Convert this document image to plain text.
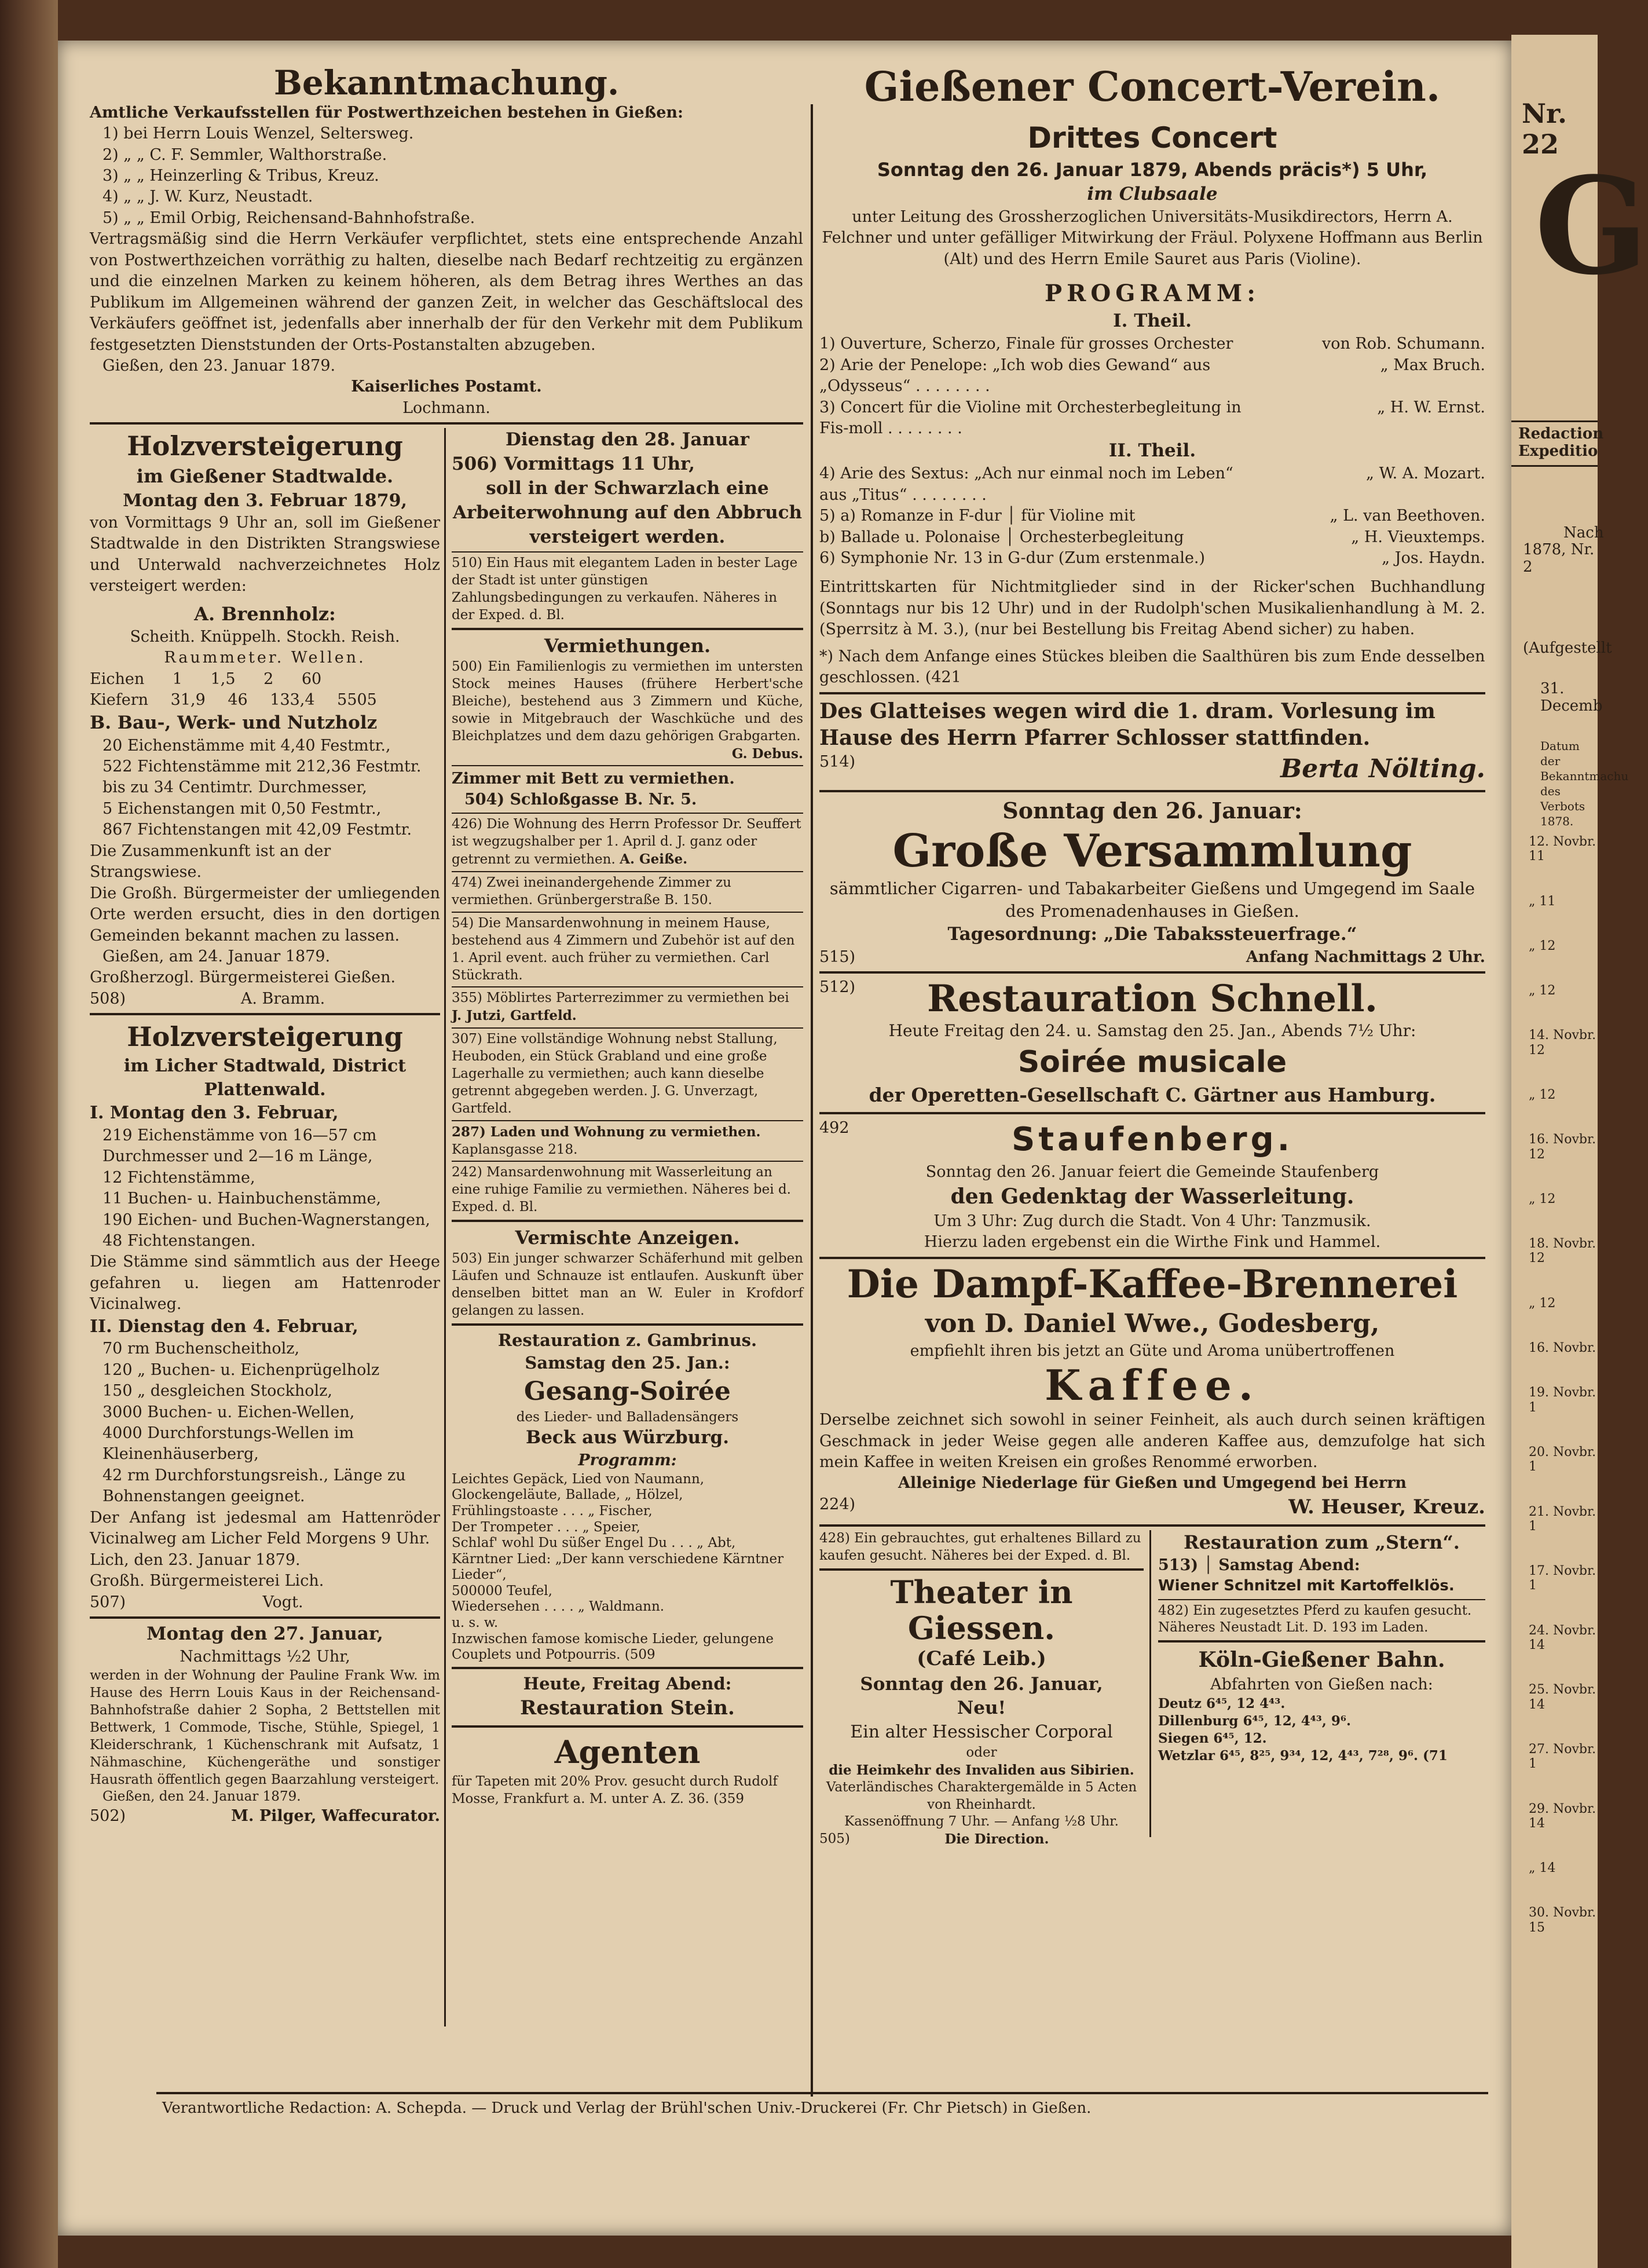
Bekanntmachung.
Amtliche Verkaufsstellen für Postwerthzeichen bestehen in Gießen:
1) bei Herrn Louis Wenzel, Seltersweg.
2) „ „ C. F. Semmler, Walthorstraße.
3) „ „ Heinzerling & Tribus, Kreuz.
4) „ „ J. W. Kurz, Neustadt.
5) „ „ Emil Orbig, Reichensand-Bahnhofstraße.
Vertragsmäßig sind die Herrn Verkäufer verpflichtet, stets eine entsprechende Anzahl von Postwerthzeichen vorräthig zu halten, dieselbe nach Bedarf rechtzeitig zu ergänzen und die einzelnen Marken zu keinem höheren, als dem Betrag ihres Werthes an das Publikum im Allgemeinen während der ganzen Zeit, in welcher das Geschäftslocal des Verkäufers geöffnet ist, jedenfalls aber innerhalb der für den Verkehr mit dem Publikum festgesetzten Dienststunden der Orts-Postanstalten abzugeben.
Gießen, den 23. Januar 1879.
Kaiserliches Postamt.
Lochmann.
Holzversteigerung
im Gießener Stadtwalde.
Montag den 3. Februar 1879,
von Vormittags 9 Uhr an, soll im Gießener Stadtwalde in den Distrikten Strangswiese und Unterwald nachverzeichnetes Holz versteigert werden:
A. Brennholz:
Scheith. Knüppelh. Stockh. Reish.
Raummeter. Wellen.
Eichen 1 1,5 2 60
Kiefern 31,9 46 133,4 5505
B. Bau-, Werk- und Nutzholz
20 Eichenstämme mit 4,40 Festmtr.,
522 Fichtenstämme mit 212,36 Festmtr. bis zu 34 Centimtr. Durchmesser,
5 Eichenstangen mit 0,50 Festmtr.,
867 Fichtenstangen mit 42,09 Festmtr.
Die Zusammenkunft ist an der Strangswiese.
Die Großh. Bürgermeister der umliegenden Orte werden ersucht, dies in den dortigen Gemeinden bekannt machen zu lassen.
Gießen, am 24. Januar 1879.
Großherzogl. Bürgermeisterei Gießen.
508)	A. Bramm.
Holzversteigerung
im Licher Stadtwald, District Plattenwald.
I. Montag den 3. Februar,
219 Eichenstämme von 16—57 cm Durchmesser und 2—16 m Länge,
12 Fichtenstämme,
11 Buchen- u. Hainbuchenstämme,
190 Eichen- und Buchen-Wagnerstangen,
48 Fichtenstangen.
Die Stämme sind sämmtlich aus der Heege gefahren u. liegen am Hattenroder Vicinalweg.
II. Dienstag den 4. Februar,
70 rm Buchenscheitholz,
120 „ Buchen- u. Eichenprügelholz
150 „ desgleichen Stockholz,
3000 Buchen- u. Eichen-Wellen,
4000 Durchforstungs-Wellen im Kleinenhäuserberg,
42 rm Durchforstungsreish., Länge zu Bohnenstangen geeignet.
Der Anfang ist jedesmal am Hattenröder Vicinalweg am Licher Feld Morgens 9 Uhr.
Lich, den 23. Januar 1879.
Großh. Bürgermeisterei Lich.
507)	Vogt.
Montag den 27. Januar,
Nachmittags ½2 Uhr,
werden in der Wohnung der Pauline Frank Ww. im Hause des Herrn Louis Kaus in der Reichensand-Bahnhofstraße dahier 2 Sopha, 2 Bettstellen mit Bettwerk, 1 Commode, Tische, Stühle, Spiegel, 1 Kleiderschrank, 1 Küchenschrank mit Aufsatz, 1 Nähmaschine, Küchengeräthe und sonstiger Hausrath öffentlich gegen Baarzahlung versteigert.
Gießen, den 24. Januar 1879.
502)	M. Pilger, Waffecurator.
Dienstag den 28. Januar
506) Vormittags 11 Uhr,
soll in der Schwarzlach eine Arbeiterwohnung auf den Abbruch versteigert werden.
510) Ein Haus mit elegantem Laden in bester Lage der Stadt ist unter günstigen Zahlungsbedingungen zu verkaufen. Näheres in der Exped. d. Bl.
Vermiethungen.
500) Ein Familienlogis zu vermiethen im untersten Stock meines Hauses (frühere Herbert'sche Bleiche), bestehend aus 3 Zimmern und Küche, sowie in Mitgebrauch der Waschküche und des Bleichplatzes und dem dazu gehörigen Grabgarten.
G. Debus.
Zimmer mit Bett zu vermiethen.
504) Schloßgasse B. Nr. 5.
426) Die Wohnung des Herrn Professor Dr. Seuffert ist wegzugshalber per 1. April d. J. ganz oder getrennt zu vermiethen. A. Geiße.
474) Zwei ineinandergehende Zimmer zu vermiethen. Grünbergerstraße B. 150.
54) Die Mansardenwohnung in meinem Hause, bestehend aus 4 Zimmern und Zubehör ist auf den 1. April event. auch früher zu vermiethen. Carl Stückrath.
355) Möblirtes Parterrezimmer zu vermiethen bei J. Jutzi, Gartfeld.
307) Eine vollständige Wohnung nebst Stallung, Heuboden, ein Stück Grabland und eine große Lagerhalle zu vermiethen; auch kann dieselbe getrennt abgegeben werden. J. G. Unverzagt, Gartfeld.
287) Laden und Wohnung zu vermiethen. Kaplansgasse 218.
242) Mansardenwohnung mit Wasserleitung an eine ruhige Familie zu vermiethen. Näheres bei d. Exped. d. Bl.
Vermischte Anzeigen.
503) Ein junger schwarzer Schäferhund mit gelben Läufen und Schnauze ist entlaufen. Auskunft über denselben bittet man an W. Euler in Krofdorf gelangen zu lassen.
Restauration z. Gambrinus.
Samstag den 25. Jan.:
Gesang-Soirée
des Lieder- und Balladensängers
Beck aus Würzburg.
Programm:
Leichtes Gepäck, Lied von Naumann,
Glockengeläute, Ballade, „ Hölzel,
Frühlingstoaste . . . „ Fischer,
Der Trompeter . . . „ Speier,
Schlaf' wohl Du süßer Engel Du . . . „ Abt,
Kärntner Lied: „Der kann verschiedene Kärntner Lieder“,
500000 Teufel,
Wiedersehen . . . . „ Waldmann.
u. s. w.
Inzwischen famose komische Lieder, gelungene Couplets und Potpourris. (509
Heute, Freitag Abend:
Restauration Stein.
Agenten
für Tapeten mit 20% Prov. gesucht durch Rudolf Mosse, Frankfurt a. M. unter A. Z. 36. (359
Gießener Concert-Verein.
Drittes Concert
Sonntag den 26. Januar 1879, Abends präcis*) 5 Uhr,
im Clubsaale
unter Leitung des Grossherzoglichen Universitäts-Musikdirectors, Herrn A. Felchner und unter gefälliger Mitwirkung der Fräul. Polyxene Hoffmann aus Berlin (Alt) und des Herrn Emile Sauret aus Paris (Violine).
PROGRAMM:
I. Theil.
1) Ouverture, Scherzo, Finale für grosses Orchester	von Rob. Schumann.
2) Arie der Penelope: „Ich wob dies Gewand“ aus „Odysseus“ . . . . . . . .
„ Max Bruch.
3) Concert für die Violine mit Orchesterbegleitung in Fis-moll . . . . . . . .
„ H. W. Ernst.
II. Theil.
4) Arie des Sextus: „Ach nur einmal noch im Leben“ aus „Titus“ . . . . . . . .
„ W. A. Mozart.
5) a) Romanze in F-dur │ für Violine mit	„ L. van Beethoven.
b) Ballade u. Polonaise │ Orchesterbegleitung	„ H. Vieuxtemps.
6) Symphonie Nr. 13 in G-dur (Zum erstenmale.)	„ Jos. Haydn.
Eintrittskarten für Nichtmitglieder sind in der Ricker'schen Buchhandlung (Sonntags nur bis 12 Uhr) und in der Rudolph'schen Musikalienhandlung à M. 2. (Sperrsitz à M. 3.), (nur bei Bestellung bis Freitag Abend sicher) zu haben.
*) Nach dem Anfange eines Stückes bleiben die Saalthüren bis zum Ende desselben geschlossen. (421
Des Glatteises wegen wird die 1. dram. Vorlesung im Hause des Herrn Pfarrer Schlosser stattfinden.
514)	Berta Nölting.
Sonntag den 26. Januar:
Große Versammlung
sämmtlicher Cigarren- und Tabakarbeiter Gießens und Umgegend im Saale des Promenadenhauses in Gießen.
Tagesordnung: „Die Tabakssteuerfrage.“
515)	Anfang Nachmittags 2 Uhr.
512)	Restauration Schnell.
Heute Freitag den 24. u. Samstag den 25. Jan., Abends 7½ Uhr:
Soirée musicale
der Operetten-Gesellschaft C. Gärtner aus Hamburg.
492	Staufenberg.
Sonntag den 26. Januar feiert die Gemeinde Staufenberg
den Gedenktag der Wasserleitung.
Um 3 Uhr: Zug durch die Stadt. Von 4 Uhr: Tanzmusik.
Hierzu laden ergebenst ein die Wirthe Fink und Hammel.
Die Dampf-Kaffee-Brennerei
von D. Daniel Wwe., Godesberg,
empfiehlt ihren bis jetzt an Güte und Aroma unübertroffenen
Kaffee.
Derselbe zeichnet sich sowohl in seiner Feinheit, als auch durch seinen kräftigen Geschmack in jeder Weise gegen alle anderen Kaffee aus, demzufolge hat sich mein Kaffee in weiten Kreisen ein großes Renommé erworben.
Alleinige Niederlage für Gießen und Umgegend bei Herrn
224)	W. Heuser, Kreuz.
428) Ein gebrauchtes, gut erhaltenes Billard zu kaufen gesucht. Näheres bei der Exped. d. Bl.
Theater in Giessen.
(Café Leib.)
Sonntag den 26. Januar,
Neu!
Ein alter Hessischer Corporal
oder
die Heimkehr des Invaliden aus Sibirien.
Vaterländisches Charaktergemälde in 5 Acten von Rheinhardt.
Kassenöffnung 7 Uhr. — Anfang ½8 Uhr.
505)	Die Direction.
Restauration zum „Stern“.
513) │ Samstag Abend:
Wiener Schnitzel mit Kartoffelklös.
482) Ein zugesetztes Pferd zu kaufen gesucht. Näheres Neustadt Lit. D. 193 im Laden.
Köln-Gießener Bahn.
Abfahrten von Gießen nach:
Deutz 6⁴⁵, 12 4⁴³.
Dillenburg 6⁴⁵, 12, 4⁴³, 9⁶.
Siegen 6⁴⁵, 12.
Wetzlar 6⁴⁵, 8²⁵, 9³⁴, 12, 4⁴³, 7²⁸, 9⁶. (71
Verantwortliche Redaction: A. Schepda. — Druck und Verlag der Brühl'schen Univ.-Druckerei (Fr. Chr Pietsch) in Gießen.
Nr. 22
G
Redaction
Expeditio
Nach
1878, Nr. 2
(Aufgestellt
31. Decemb
Datum der Bekanntmachu des Verbots 1878.
12. Novbr. 11
„ 11
„ 12
„ 12
14. Novbr. 12
„ 12
16. Novbr. 12
„ 12
18. Novbr. 12
„ 12
16. Novbr.
19. Novbr. 1
20. Novbr. 1
21. Novbr. 1
17. Novbr. 1
24. Novbr. 14
25. Novbr. 14
27. Novbr. 1
29. Novbr. 14
„ 14
30. Novbr. 15
